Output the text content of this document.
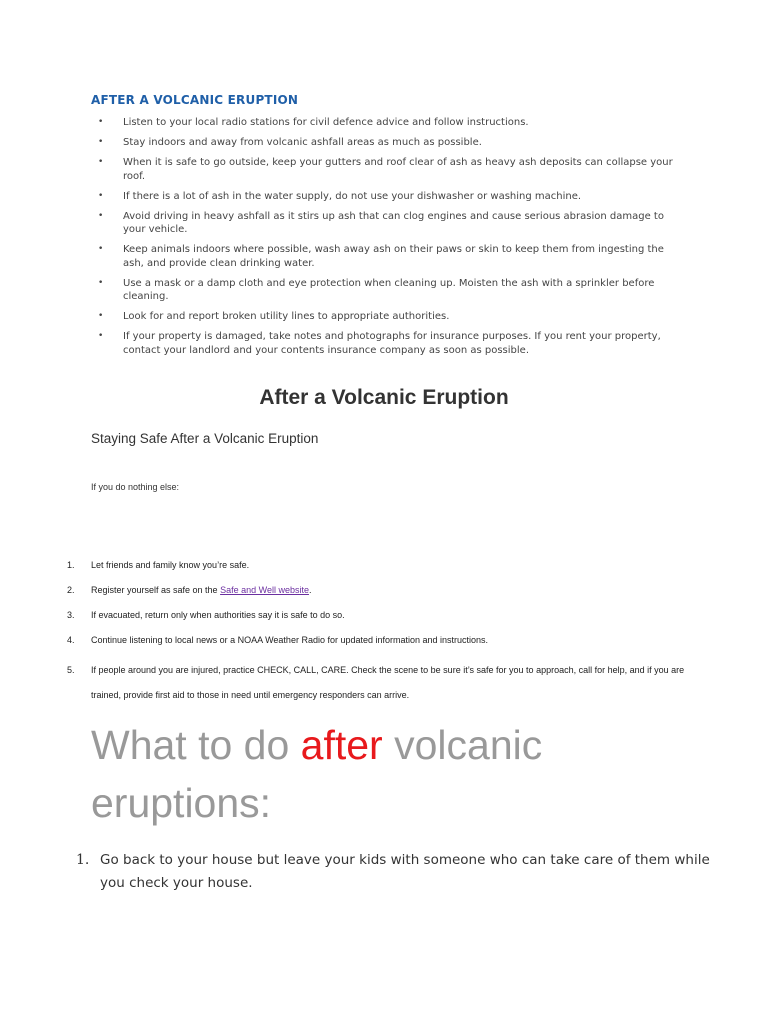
AFTER A VOLCANIC ERUPTION
• Listen to your local radio stations for civil defence advice and follow instructions.
• Stay indoors and away from volcanic ashfall areas as much as possible.
• When it is safe to go outside, keep your gutters and roof clear of ash as heavy ash deposits can collapse your roof.
• If there is a lot of ash in the water supply, do not use your dishwasher or washing machine.
• Avoid driving in heavy ashfall as it stirs up ash that can clog engines and cause serious abrasion damage to your vehicle.
• Keep animals indoors where possible, wash away ash on their paws or skin to keep them from ingesting the ash, and provide clean drinking water.
• Use a mask or a damp cloth and eye protection when cleaning up. Moisten the ash with a sprinkler before cleaning.
• Look for and report broken utility lines to appropriate authorities.
• If your property is damaged, take notes and photographs for insurance purposes. If you rent your property, contact your landlord and your contents insurance company as soon as possible.
After a Volcanic Eruption

Staying Safe After a Volcanic Eruption

If you do nothing else:

1. Let friends and family know you’re safe.
2. Register yourself as safe on the Safe and Well website.
3. If evacuated, return only when authorities say it is safe to do so.
4. Continue listening to local news or a NOAA Weather Radio for updated information and instructions.
5. If people around you are injured, practice CHECK, CALL, CARE. Check the scene to be sure it’s safe for you to approach, call for help, and if you are trained, provide first aid to those in need until emergency responders can arrive.
What to do after volcanic eruptions:
1. Go back to your house but leave your kids with someone who can take care of them while you check your house.
